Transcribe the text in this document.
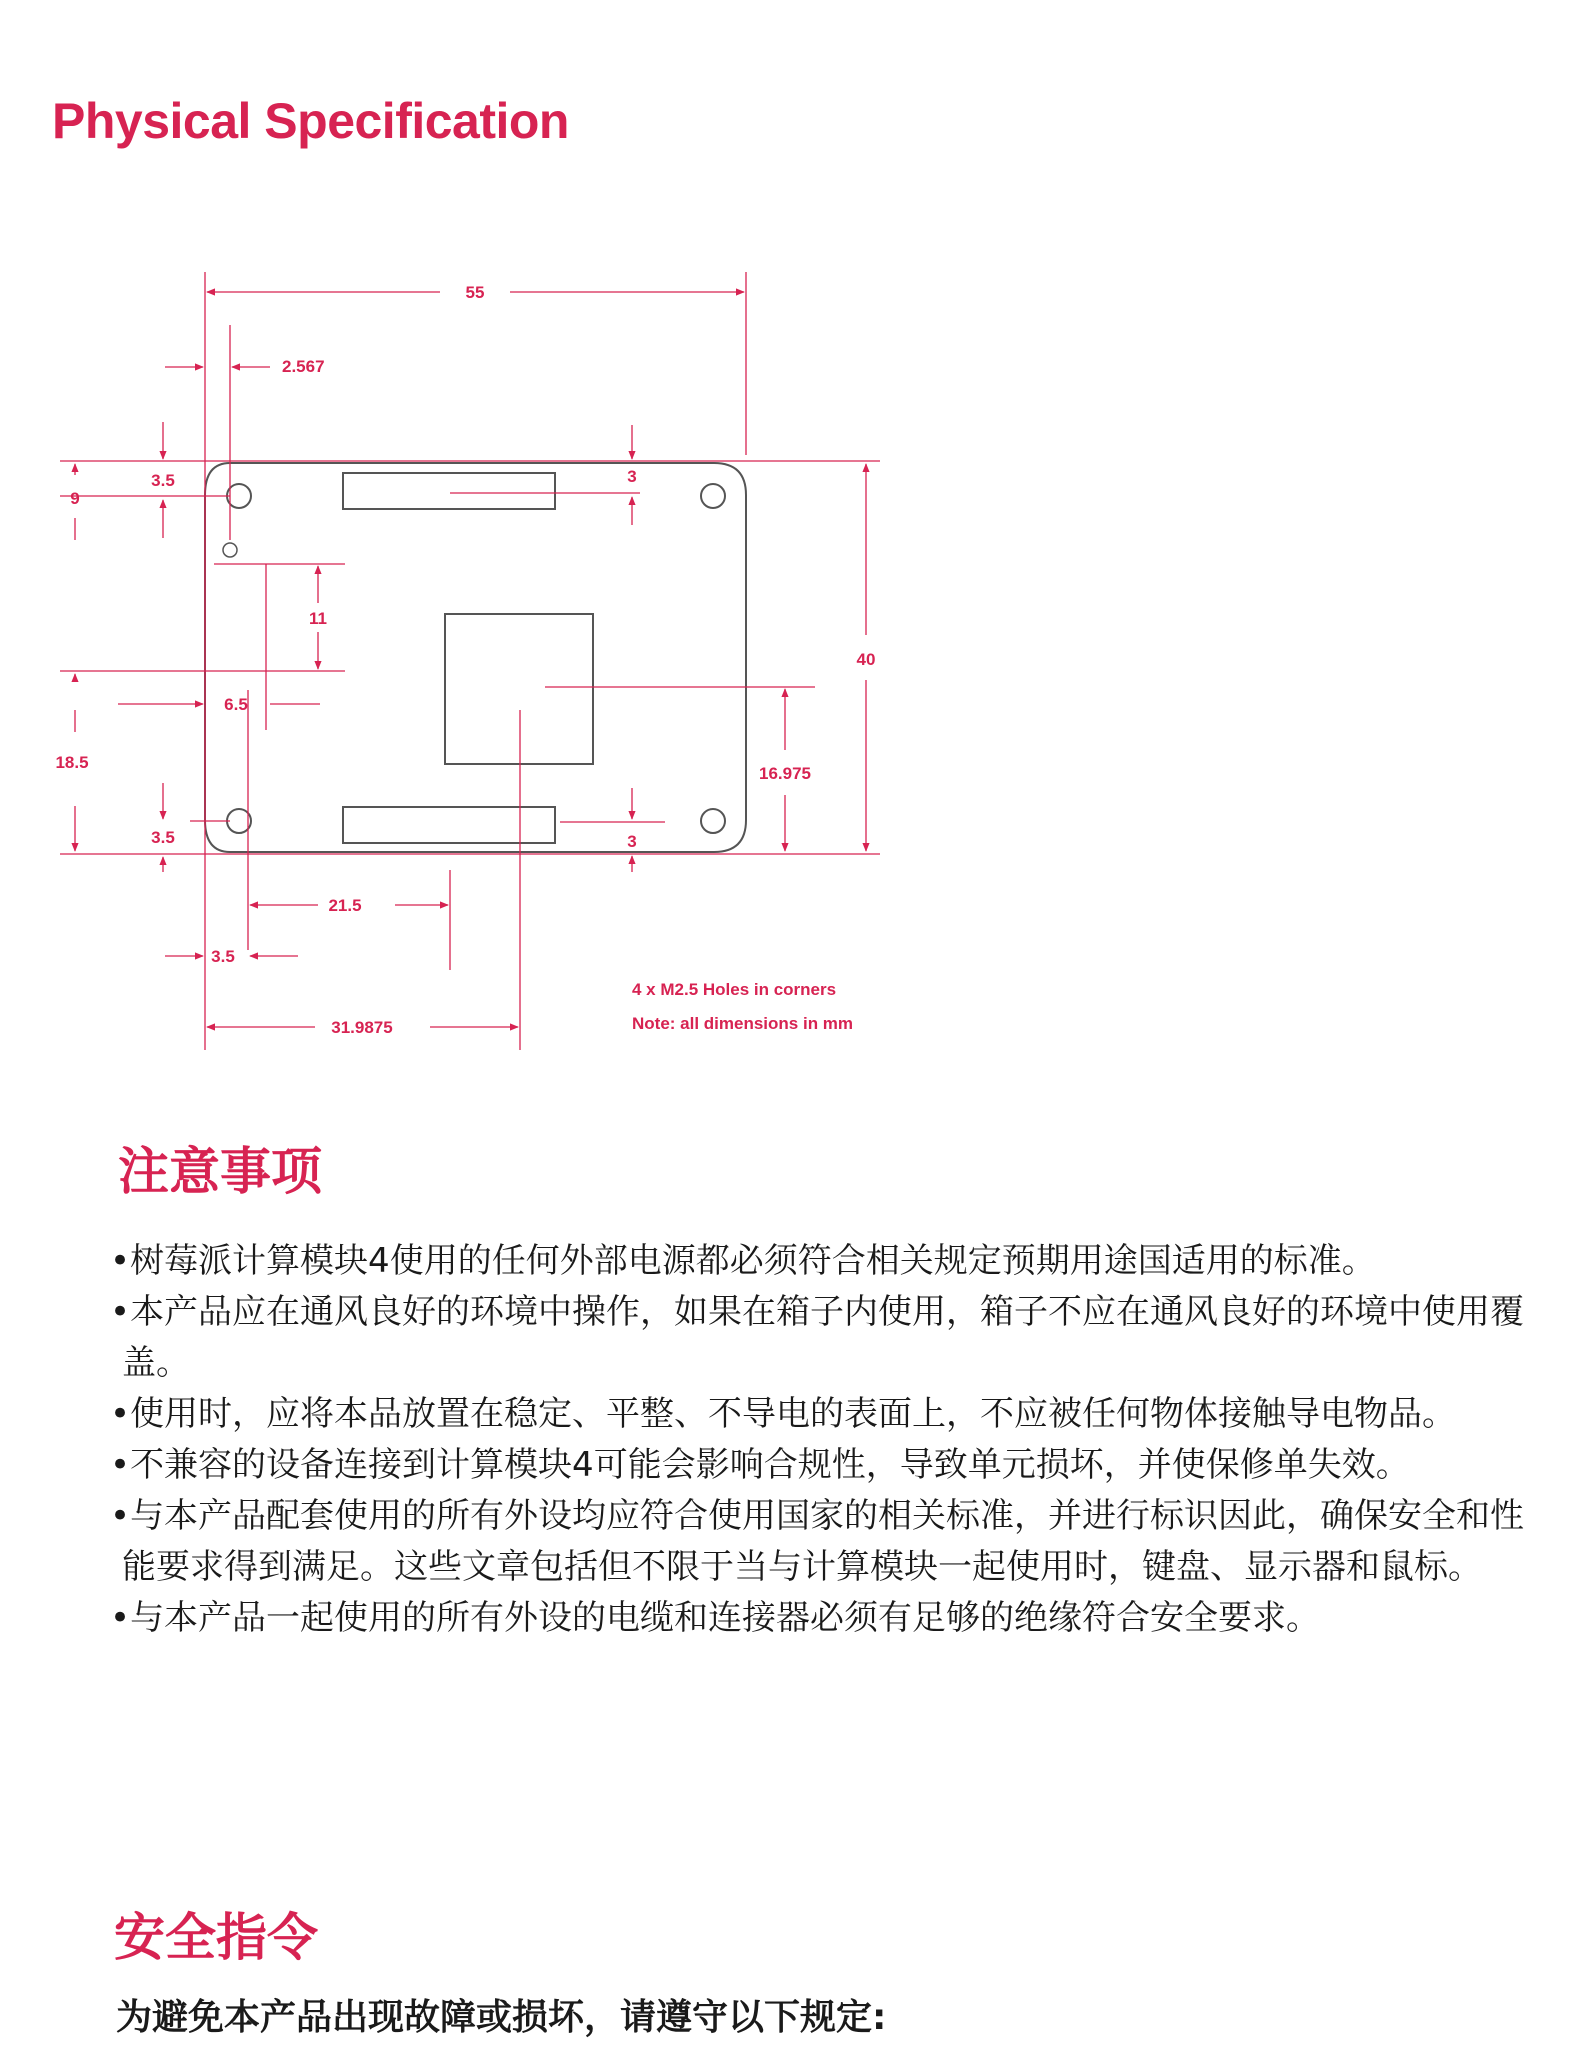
Physical Specification
55
2.567
3.5
9
3
11
40
6.5
18.5
16.975
3.5	3
21.5
3.5
31.9875
4 x M2.5 Holes in corners
Note: all dimensions in mm
注意事项
• 树莓派计算模块4使用的任何外部电源都必须符合相关规定预期用途国适用的标准。
• 本产品应在通风良好的环境中操作，如果在箱子内使用，箱子不应在通风良好的环境中使用覆盖。
• 使用时，应将本品放置在稳定、平整、不导电的表面上，不应被任何物体接触导电物品。
• 不兼容的设备连接到计算模块4可能会影响合规性，导致单元损坏，并使保修单失效。
• 与本产品配套使用的所有外设均应符合使用国家的相关标准，并进行标识因此，确保安全和性能要求得到满足。这些文章包括但不限于当与计算模块一起使用时，键盘、显示器和鼠标。
• 与本产品一起使用的所有外设的电缆和连接器必须有足够的绝缘符合安全要求。
安全指令

为避免本产品出现故障或损坏，请遵守以下规定:
